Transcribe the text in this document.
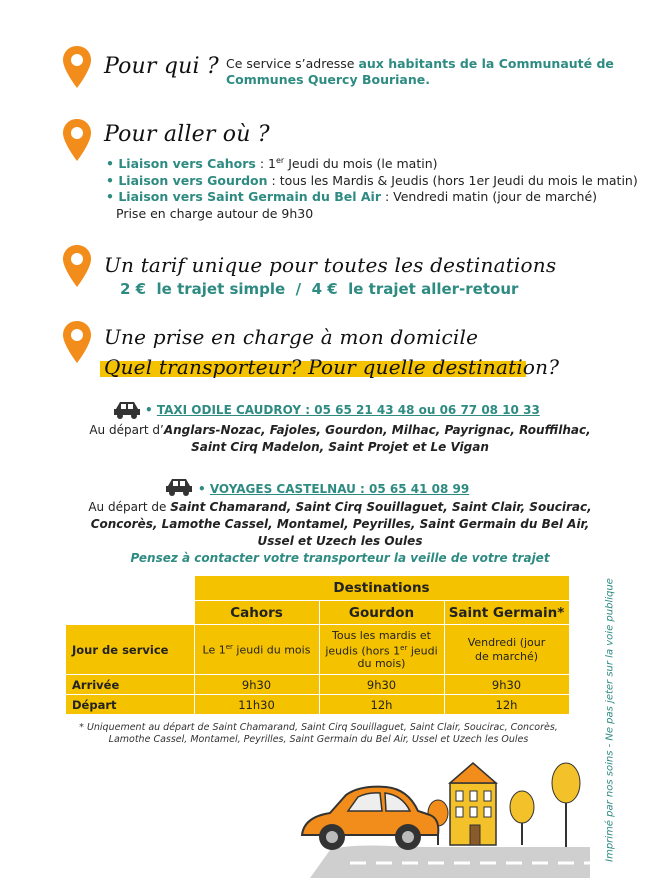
Pour qui ? Ce service s’adresse aux habitants de la Communauté de Communes Quercy Bouriane.
Pour aller où ?
• Liaison vers Cahors : 1er Jeudi du mois (le matin)
• Liaison vers Gourdon : tous les Mardis & Jeudis (hors 1er Jeudi du mois le matin)
• Liaison vers Saint Germain du Bel Air : Vendredi matin (jour de marché)
Prise en charge autour de 9h30
Un tarif unique pour toutes les destinations
2 €  le trajet simple  /  4 €  le trajet aller-retour
Une prise en charge à mon domicile
Quel transporteur? Pour quelle destination?
• TAXI ODILE CAUDROY : 05 65 21 43 48 ou 06 77 08 10 33
Au départ d’Anglars-Nozac, Fajoles, Gourdon, Milhac, Payrignac, Rouffilhac,
Saint Cirq Madelon, Saint Projet et Le Vigan
• VOYAGES CASTELNAU : 05 65 41 08 99
Au départ de Saint Chamarand, Saint Cirq Souillaguet, Saint Clair, Soucirac,
Concorès, Lamothe Cassel, Montamel, Peyrilles, Saint Germain du Bel Air,
Ussel et Uzech les Oules
Pensez à contacter votre transporteur la veille de votre trajet
	Destinations		
	Cahors	Gourdon	Saint Germain*
Jour de service	Le 1er jeudi du mois	Tous les mardis et jeudis (hors 1er jeudi du mois)	Vendredi (jour de marché)
Arrivée	9h30	9h30	9h30
Départ	11h30	12h	12h
* Uniquement au départ de Saint Chamarand, Saint Cirq Souillaguet, Saint Clair, Soucirac, Concorès, Lamothe Cassel, Montamel, Peyrilles, Saint Germain du Bel Air, Ussel et Uzech les Oules	Imprimé par nos soins - Ne pas jeter sur la voie publique
